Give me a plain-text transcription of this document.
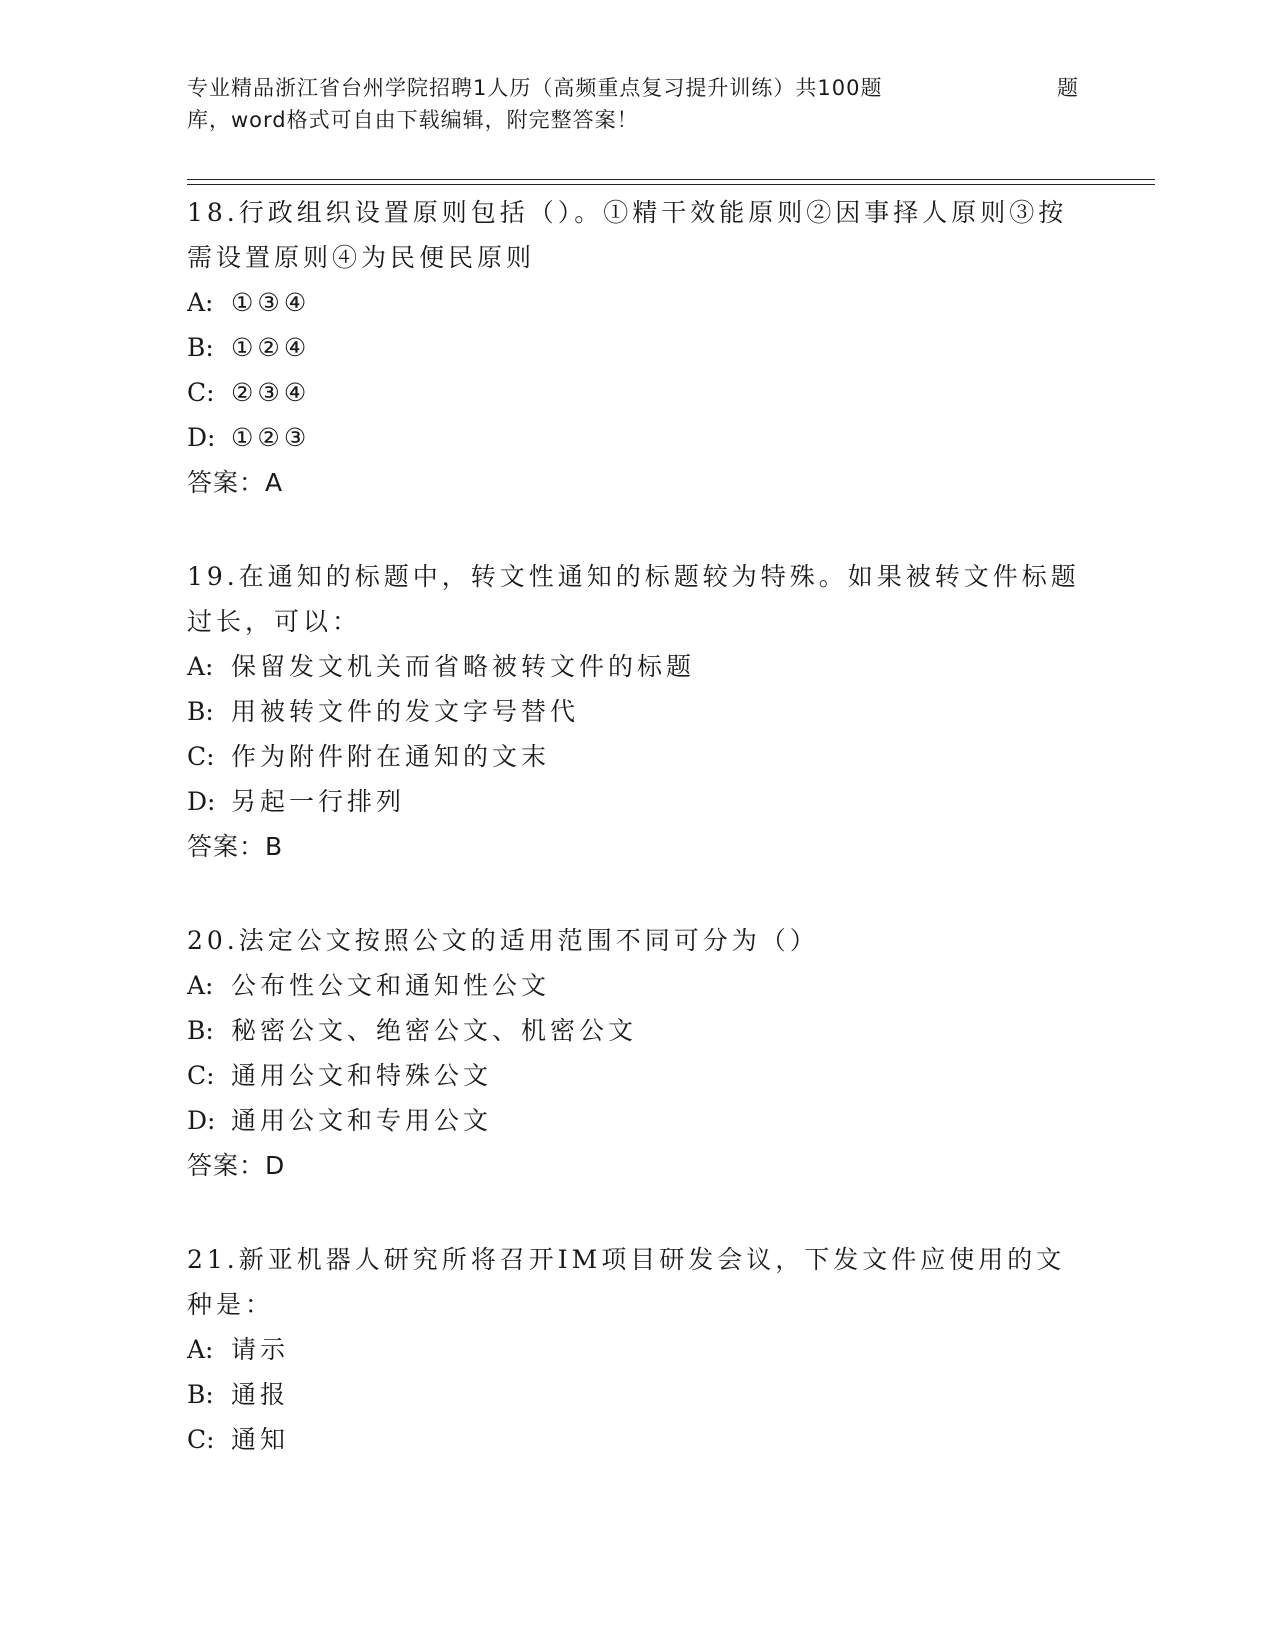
专业精品浙江省台州学院招聘1人历（高频重点复习提升训练）共100题	题
库，word格式可自由下载编辑，附完整答案！

18.行政组织设置原则包括（）。①精干效能原则②因事择人原则③按需设置原则④为民便民原则

A: ①③④

B: ①②④

C: ②③④

D: ①②③

答案：A

19.在通知的标题中，转文性通知的标题较为特殊。如果被转文件标题过长，可以：

A: 保留发文机关而省略被转文件的标题

B: 用被转文件的发文字号替代

C: 作为附件附在通知的文末

D: 另起一行排列

答案：B

20.法定公文按照公文的适用范围不同可分为（）

A: 公布性公文和通知性公文

B: 秘密公文、绝密公文、机密公文

C: 通用公文和特殊公文

D: 通用公文和专用公文

答案：D

21.新亚机器人研究所将召开IM项目研发会议，下发文件应使用的文种是：

A: 请示

B: 通报

C: 通知
